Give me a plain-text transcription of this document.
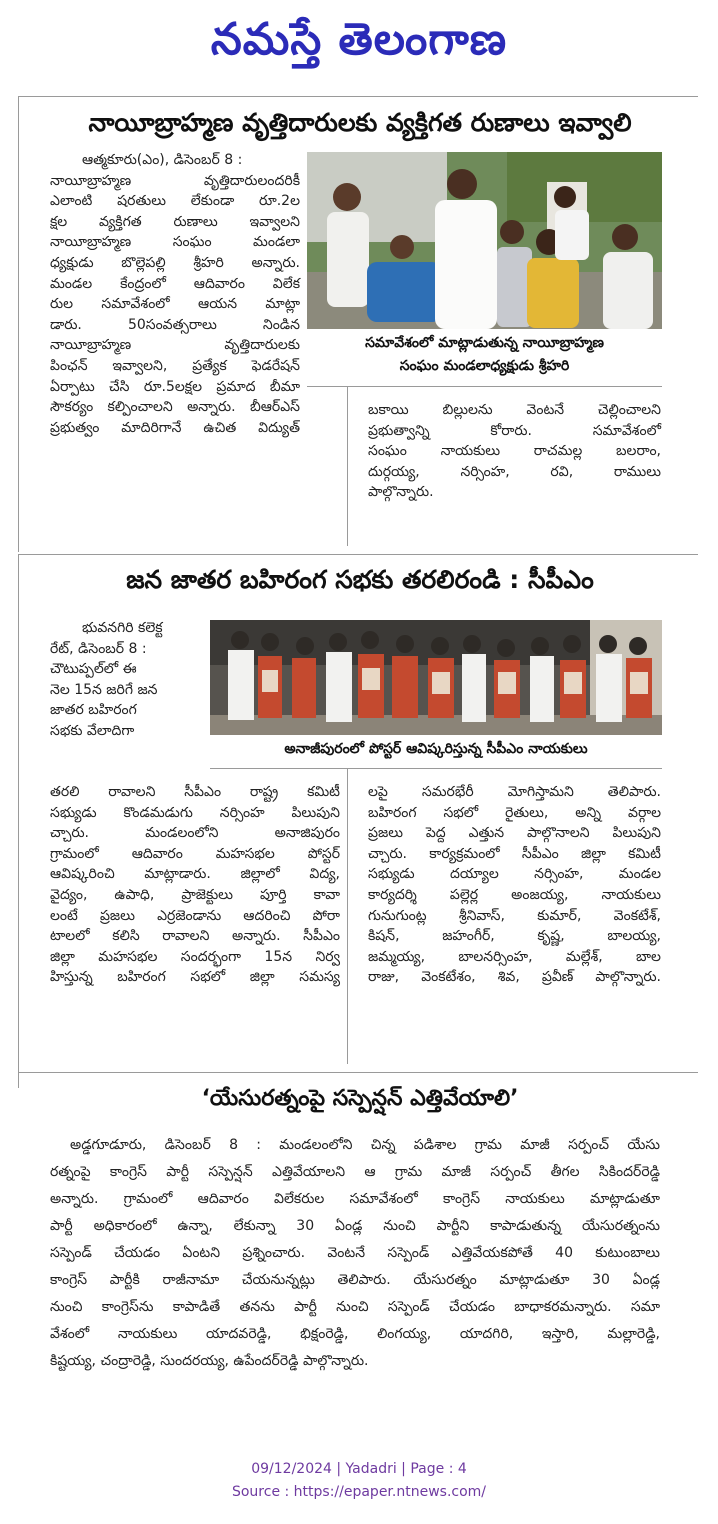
నమస్తే తెలంగాణ
నాయీబ్రాహ్మణ వృత్తిదారులకు వ్యక్తిగత రుణాలు ఇవ్వాలి
ఆత్మకూరు(ఎం), డిసెంబర్ 8 :
నాయీబ్రాహ్మణ వృత్తిదారులందరికీ
ఎలాంటి షరతులు లేకుండా రూ.2ల
క్షల వ్యక్తిగత రుణాలు ఇవ్వాలని
నాయీబ్రాహ్మణ సంఘం మండలా
ధ్యక్షుడు బొల్లెపల్లి శ్రీహరి అన్నారు.
మండల కేంద్రంలో ఆదివారం విలేక
రుల సమావేశంలో ఆయన మాట్లా
డారు. 50సంవత్సరాలు నిండిన
నాయీబ్రాహ్మణ వృత్తిదారులకు
పింఛన్ ఇవ్వాలని, ప్రత్యేక ఫెడరేషన్
ఏర్పాటు చేసి రూ.5లక్షల ప్రమాద బీమా
సౌకర్యం కల్పించాలని అన్నారు. బీఆర్ఎస్
ప్రభుత్వం మాదిరిగానే ఉచిత విద్యుత్
సమావేశంలో మాట్లాడుతున్న నాయీబ్రాహ్మణ
సంఘం మండలాధ్యక్షుడు శ్రీహరి
బకాయి బిల్లులను వెంటనే చెల్లించాలని
ప్రభుత్వాన్ని కోరారు. సమావేశంలో
సంఘం నాయకులు రాచమల్ల బలరాం,
దుర్గయ్య, నర్సింహ, రవి, రాములు
పాల్గొన్నారు.
జన జాతర బహిరంగ సభకు తరలిరండి : సీపీఎం
భువనగిరి కలెక్ట
రేట్, డిసెంబర్ 8 :
చౌటుప్పల్‌లో ఈ
నెల 15న జరిగే జన
జాతర బహిరంగ
సభకు వేలాదిగా
అనాజీపురంలో పోస్టర్ ఆవిష్కరిస్తున్న సీపీఎం నాయకులు
తరలి రావాలని సీపీఎం రాష్ట్ర కమిటీ
సభ్యుడు కొండమడుగు నర్సింహ పిలుపుని
చ్చారు. మండలంలోని అనాజిపురం
గ్రామంలో ఆదివారం మహసభల పోస్టర్
ఆవిష్కరించి మాట్లాడారు. జిల్లాలో విద్య,
వైద్యం, ఉపాధి, ప్రాజెక్టులు పూర్తి కావా
లంటే ప్రజలు ఎర్రజెండాను ఆదరించి పోరా
టాలలో కలిసి రావాలని అన్నారు. సీపీఎం
జిల్లా మహసభల సందర్భంగా 15న నిర్వ
హిస్తున్న బహిరంగ సభలో జిల్లా సమస్య
లపై సమరభేరీ మోగిస్తామని తెలిపారు.
బహిరంగ సభలో రైతులు, అన్ని వర్గాల
ప్రజలు పెద్ద ఎత్తున పాల్గొనాలని పిలుపుని
చ్చారు. కార్యక్రమంలో సీపీఎం జిల్లా కమిటీ
సభ్యుడు దయ్యాల నర్సింహ, మండల
కార్యదర్శి పల్లెర్ల అంజయ్య, నాయకులు
గునుగుంట్ల శ్రీనివాస్, కుమార్, వెంకటేశ్,
కిషన్, జహంగీర్, కృష్ణ, బాలయ్య,
జమ్మయ్య, బాలనర్సింహ, మల్లేశ్, బాల
రాజు, వెంకటేశం, శివ, ప్రవీణ్ పాల్గొన్నారు.
‘యేసురత్నంపై సస్పెన్షన్ ఎత్తివేయాలి’
అడ్డగూడూరు, డిసెంబర్ 8 : మండలంలోని చిన్న పడిశాల గ్రామ మాజీ సర్పంచ్ యేసు
రత్నంపై కాంగ్రెస్ పార్టీ సస్పెన్షన్ ఎత్తివేయాలని ఆ గ్రామ మాజీ సర్పంచ్ తీగల సికిందర్‌రెడ్డి
అన్నారు. గ్రామంలో ఆదివారం విలేకరుల సమావేశంలో కాంగ్రెస్ నాయకులు మాట్లాడుతూ
పార్టీ అధికారంలో ఉన్నా, లేకున్నా 30 ఏండ్ల నుంచి పార్టీని కాపాడుతున్న యేసురత్నంను
సస్పెండ్ చేయడం ఏంటని ప్రశ్నించారు. వెంటనే సస్పెండ్ ఎత్తివేయకపోతే 40 కుటుంబాలు
కాంగ్రెస్ పార్టీకి రాజీనామా చేయనున్నట్లు తెలిపారు. యేసురత్నం మాట్లాడుతూ 30 ఏండ్ల
నుంచి కాంగ్రెస్‌ను కాపాడితే తనను పార్టీ నుంచి సస్పెండ్ చేయడం బాధాకరమన్నారు. సమా
వేశంలో నాయకులు యాదవరెడ్డి, భిక్షంరెడ్డి, లింగయ్య, యాదగిరి, ఇస్తారి, మల్లారెడ్డి,
కిష్టయ్య, చంద్రారెడ్డి, సుందరయ్య, ఉపేందర్‌రెడ్డి పాల్గొన్నారు.
09/12/2024 | Yadadri | Page : 4
Source : https://epaper.ntnews.com/
